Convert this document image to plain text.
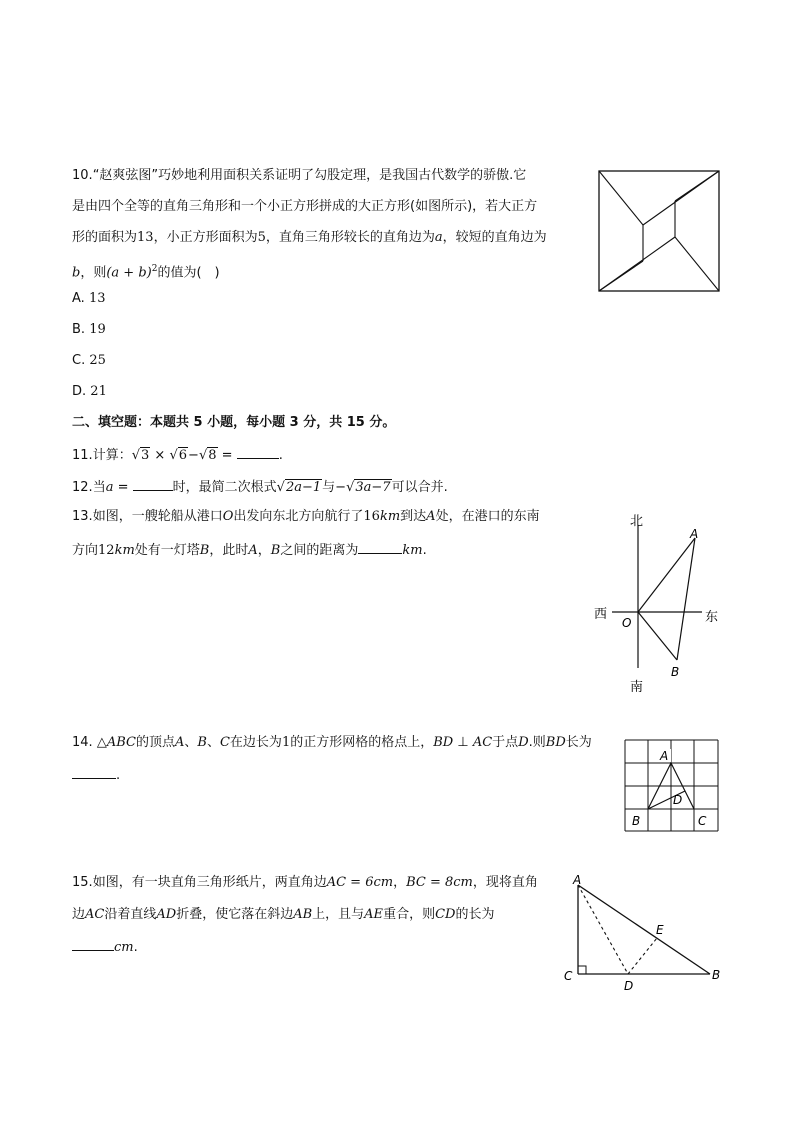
10.“赵爽弦图”巧妙地利用面积关系证明了勾股定理，是我国古代数学的骄傲.它
是由四个全等的直角三角形和一个小正方形拼成的大正方形(如图所示)，若大正方
形的面积为13，小正方形面积为5，直角三角形较长的直角边为a，较短的直角边为
b，则$(a + b)^2$的值为(　)
A. 13
B. 19
C. 25
D. 21
二、填空题：本题共 5 小题，每小题 3 分，共 15 分。
11.计算：√3 × √6−√8 =	.
12.当a =	时，最简二次根式√2a−1与−√3a−7可以合并.
13.如图，一艘轮船从港口O出发向东北方向航行了16km到达A处，在港口的东南
方向12km处有一灯塔B，此时A，B之间的距离为	km.
北
南
西	东
O
A
B
14. △ABC的顶点A、B、C在边长为1的正方形网格的格点上，BD ⊥ AC于点D.则BD长为
.
A
B	C
D
15.如图，有一块直角三角形纸片，两直角边AC = 6cm，BC = 8cm，现将直角
边AC沿着直线AD折叠，使它落在斜边AB上，且与AE重合，则CD的长为
cm.
A
C
D
E
B
